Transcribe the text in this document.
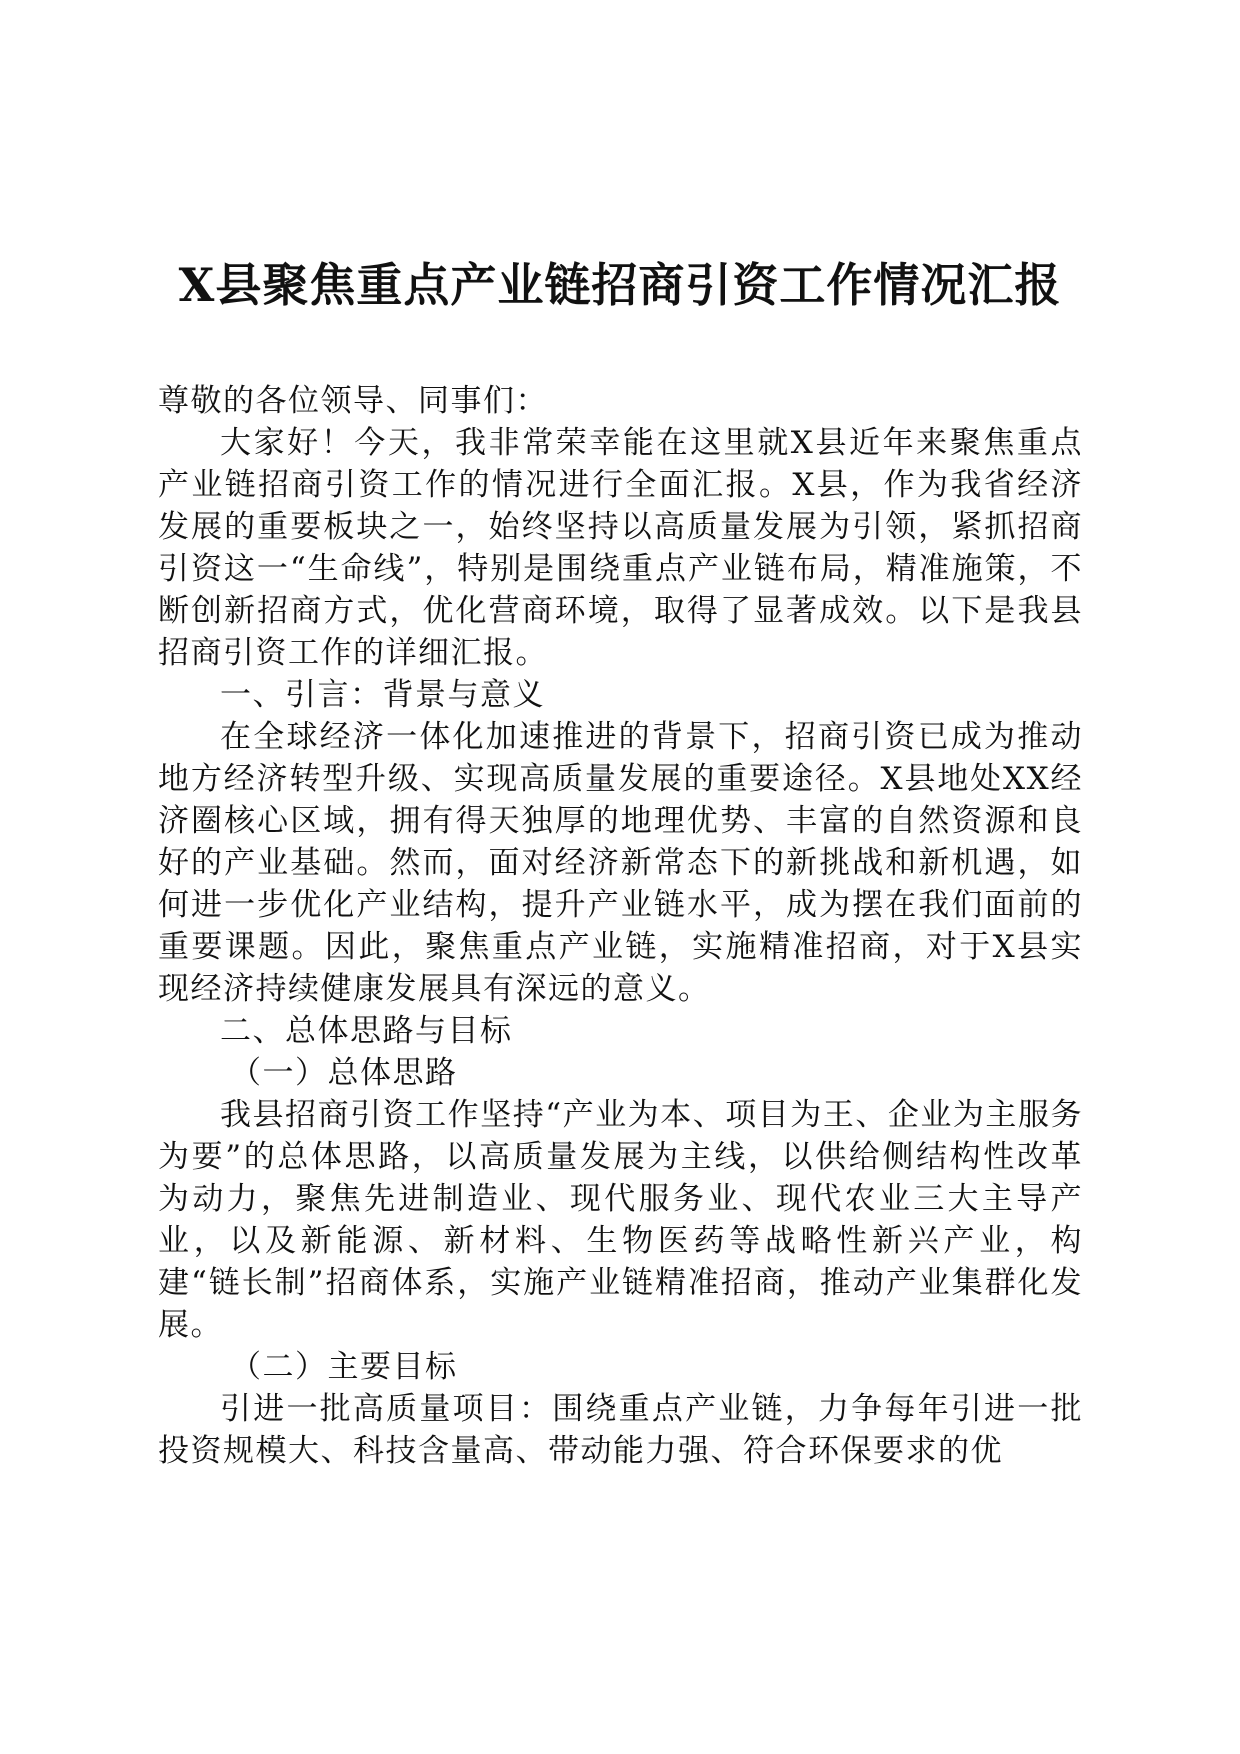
X县聚焦重点产业链招商引资工作情况汇报

尊敬的各位领导、同事们：

大家好！今天，我非常荣幸能在这里就X县近年来聚焦重点产业链招商引资工作的情况进行全面汇报。X县，作为我省经济发展的重要板块之一，始终坚持以高质量发展为引领，紧抓招商引资这一“生命线”，特别是围绕重点产业链布局，精准施策，不断创新招商方式，优化营商环境，取得了显著成效。以下是我县招商引资工作的详细汇报。

一、引言：背景与意义

在全球经济一体化加速推进的背景下，招商引资已成为推动地方经济转型升级、实现高质量发展的重要途径。X县地处XX经济圈核心区域，拥有得天独厚的地理优势、丰富的自然资源和良好的产业基础。然而，面对经济新常态下的新挑战和新机遇，如何进一步优化产业结构，提升产业链水平，成为摆在我们面前的重要课题。因此，聚焦重点产业链，实施精准招商，对于X县实现经济持续健康发展具有深远的意义。

二、总体思路与目标

（一）总体思路

我县招商引资工作坚持“产业为本、项目为王、企业为主服务为要”的总体思路，以高质量发展为主线，以供给侧结构性改革为动力，聚焦先进制造业、现代服务业、现代农业三大主导产业，以及新能源、新材料、生物医药等战略性新兴产业，构建“链长制”招商体系，实施产业链精准招商，推动产业集群化发展。

（二）主要目标

引进一批高质量项目：围绕重点产业链，力争每年引进一批投资规模大、科技含量高、带动能力强、符合环保要求的优
